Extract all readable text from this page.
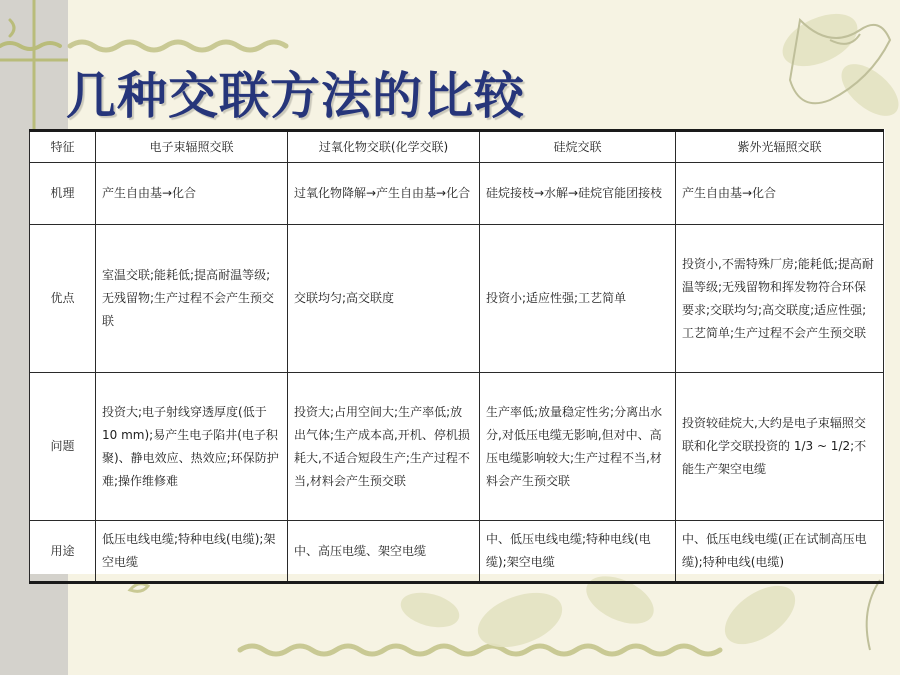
几种交联方法的比较
特征	电子束辐照交联	过氧化物交联(化学交联)	硅烷交联	紫外光辐照交联
机理	产生自由基→化合	过氧化物降解→产生自由基→化合	硅烷接枝→水解→硅烷官能团接枝	产生自由基→化合
优点	室温交联;能耗低;提高耐温等级;无残留物;生产过程不会产生预交联	交联均匀;高交联度	投资小;适应性强;工艺简单	投资小,不需特殊厂房;能耗低;提高耐温等级;无残留物和挥发物符合环保要求;交联均匀;高交联度;适应性强;工艺简单;生产过程不会产生预交联
问题	投资大;电子射线穿透厚度(低于 10 mm);易产生电子陷井(电子积聚)、静电效应、热效应;环保防护难;操作维修难	投资大;占用空间大;生产率低;放出气体;生产成本高,开机、停机损耗大,不适合短段生产;生产过程不当,材料会产生预交联	生产率低;放量稳定性劣;分离出水分,对低压电缆无影响,但对中、高压电缆影响较大;生产过程不当,材料会产生预交联	投资较硅烷大,大约是电子束辐照交联和化学交联投资的 1/3 ~ 1/2;不能生产架空电缆
用途	低压电线电缆;特种电线(电缆);架空电缆	中、高压电缆、架空电缆	中、低压电线电缆;特种电线(电缆);架空电缆	中、低压电线电缆(正在试制高压电缆);特种电线(电缆)
